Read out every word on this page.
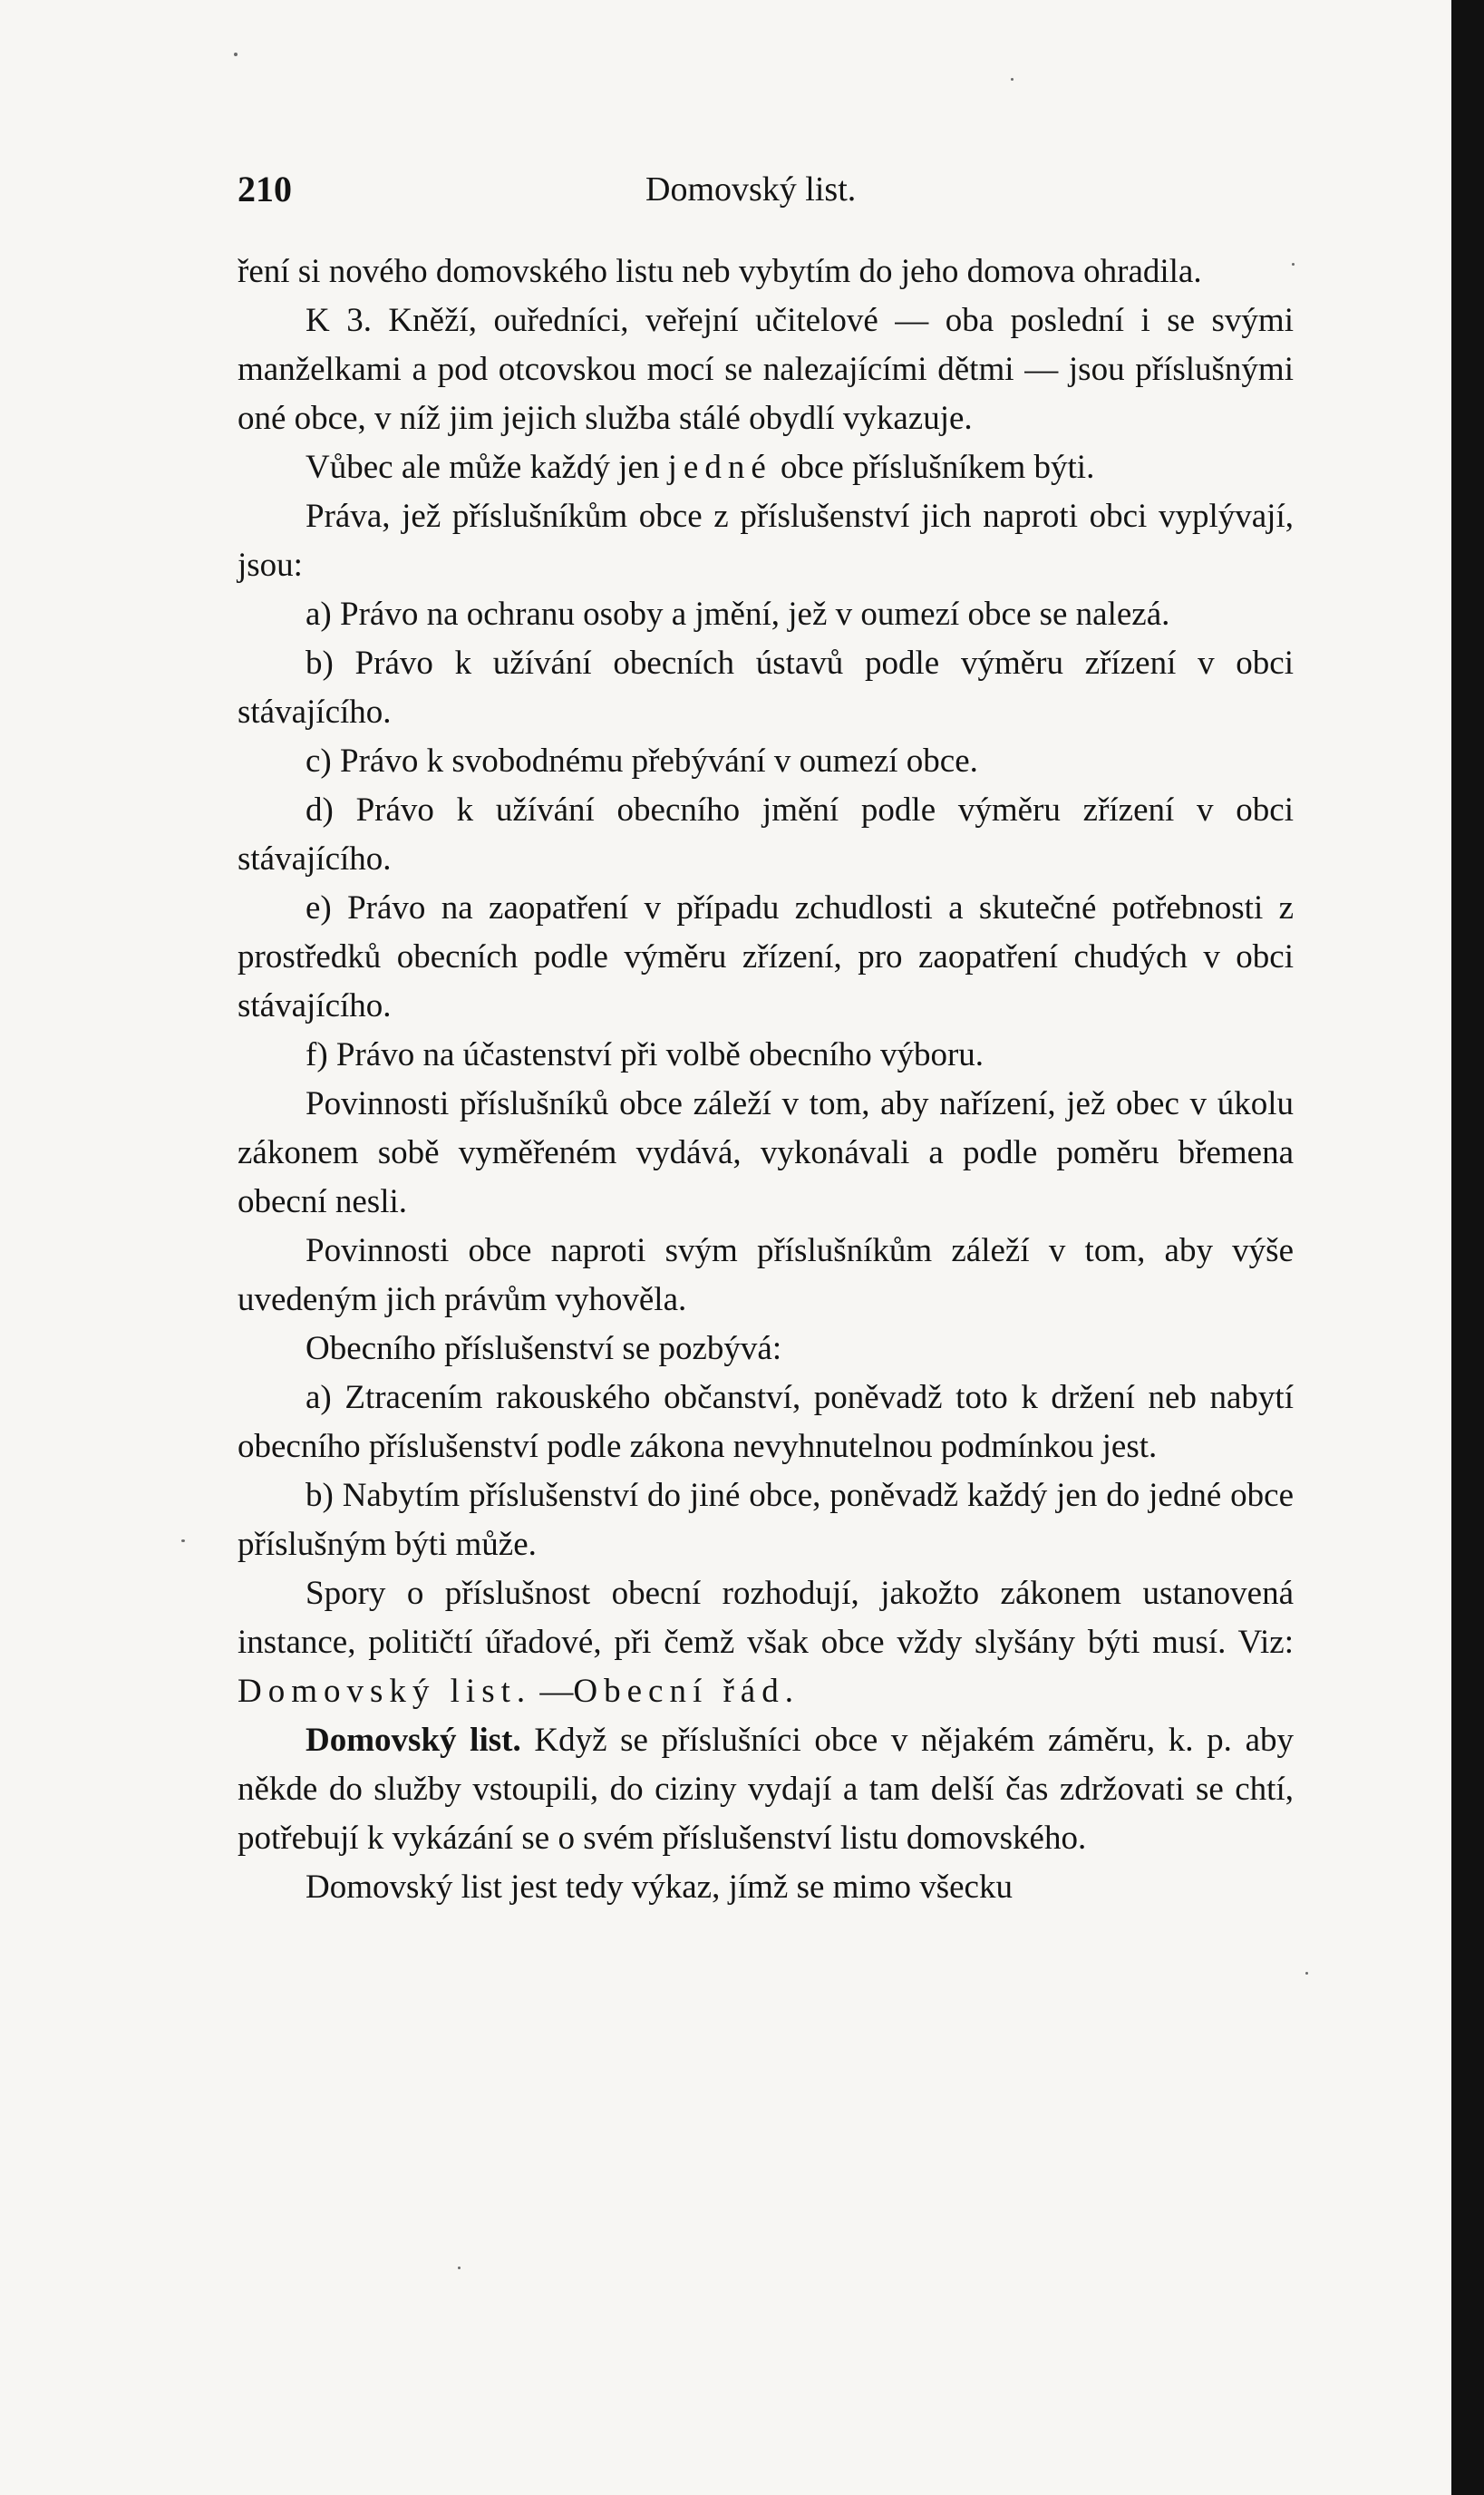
210	Domovský list.

ření si nového domovského listu neb vybytím do jeho domova ohradila.

K 3. Kněží, ouředníci, veřejní učitelové — oba poslední i se svými manželkami a pod otcovskou mocí se nalezajícími dětmi — jsou příslušnými oné obce, v níž jim jejich služba stálé obydlí vykazuje.

Vůbec ale může každý jen jedné obce příslušníkem býti.

Práva, jež příslušníkům obce z příslušenství jich naproti obci vyplývají, jsou:

a) Právo na ochranu osoby a jmění, jež v oumezí obce se nalezá.

b) Právo k užívání obecních ústavů podle výměru zřízení v obci stávajícího.

c) Právo k svobodnému přebývání v oumezí obce.

d) Právo k užívání obecního jmění podle výměru zřízení v obci stávajícího.

e) Právo na zaopatření v případu zchudlosti a skutečné potřebnosti z prostředků obecních podle výměru zřízení, pro zaopatření chudých v obci stávajícího.

f) Právo na účastenství při volbě obecního výboru.

Povinnosti příslušníků obce záleží v tom, aby nařízení, jež obec v úkolu zákonem sobě vyměřeném vydává, vykonávali a podle poměru břemena obecní nesli.

Povinnosti obce naproti svým příslušníkům záleží v tom, aby výše uvedeným jich právům vyhověla.

Obecního příslušenství se pozbývá:

a) Ztracením rakouského občanství, poněvadž toto k držení neb nabytí obecního příslušenství podle zákona nevyhnutelnou podmínkou jest.

b) Nabytím příslušenství do jiné obce, poněvadž každý jen do jedné obce příslušným býti může.

Spory o příslušnost obecní rozhodují, jakožto zákonem ustanovená instance, političtí úřadové, při čemž však obce vždy slyšány býti musí. Viz: Domovský list. —Obecní řád.

Domovský list. Když se příslušníci obce v nějakém záměru, k. p. aby někde do služby vstoupili, do ciziny vydají a tam delší čas zdržovati se chtí, potřebují k vykázání se o svém příslušenství listu domovského.

Domovský list jest tedy výkaz, jímž se mimo všecku
